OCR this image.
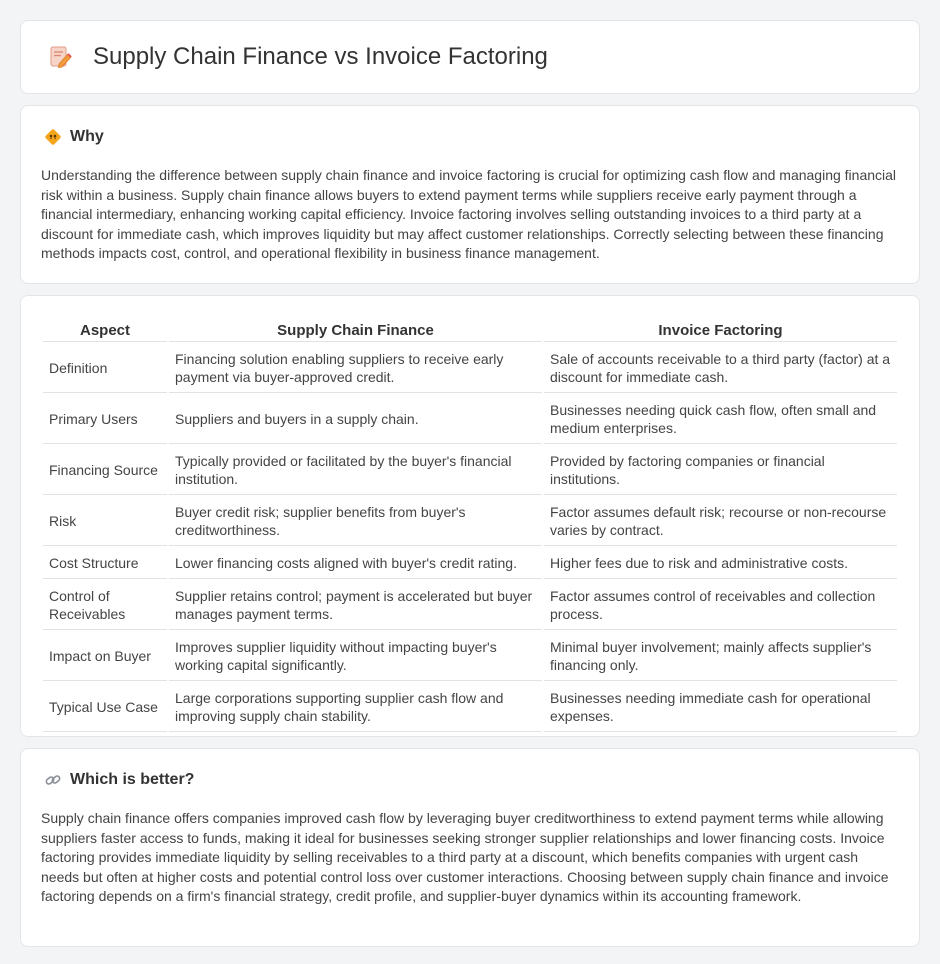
Supply Chain Finance vs Invoice Factoring
Why

Understanding the difference between supply chain finance and invoice factoring is crucial for optimizing cash flow and managing financial risk within a business. Supply chain finance allows buyers to extend payment terms while suppliers receive early payment through a financial intermediary, enhancing working capital efficiency. Invoice factoring involves selling outstanding invoices to a third party at a discount for immediate cash, which improves liquidity but may affect customer relationships. Correctly selecting between these financing methods impacts cost, control, and operational flexibility in business finance management.

Aspect	Supply Chain Finance	Invoice Factoring
Definition	Financing solution enabling suppliers to receive early payment via buyer-approved credit.	Sale of accounts receivable to a third party (factor) at a discount for immediate cash.
Primary Users	Suppliers and buyers in a supply chain.	Businesses needing quick cash flow, often small and medium enterprises.
Financing Source	Typically provided or facilitated by the buyer's financial institution.	Provided by factoring companies or financial institutions.
Risk	Buyer credit risk; supplier benefits from buyer's creditworthiness.	Factor assumes default risk; recourse or non-recourse varies by contract.
Cost Structure	Lower financing costs aligned with buyer's credit rating.	Higher fees due to risk and administrative costs.
Control of Receivables	Supplier retains control; payment is accelerated but buyer manages payment terms.	Factor assumes control of receivables and collection process.
Impact on Buyer	Improves supplier liquidity without impacting buyer's working capital significantly.	Minimal buyer involvement; mainly affects supplier's financing only.
Typical Use Case	Large corporations supporting supplier cash flow and improving supply chain stability.	Businesses needing immediate cash for operational expenses.
Which is better?

Supply chain finance offers companies improved cash flow by leveraging buyer creditworthiness to extend payment terms while allowing suppliers faster access to funds, making it ideal for businesses seeking stronger supplier relationships and lower financing costs. Invoice factoring provides immediate liquidity by selling receivables to a third party at a discount, which benefits companies with urgent cash needs but often at higher costs and potential control loss over customer interactions. Choosing between supply chain finance and invoice factoring depends on a firm's financial strategy, credit profile, and supplier-buyer dynamics within its accounting framework.
